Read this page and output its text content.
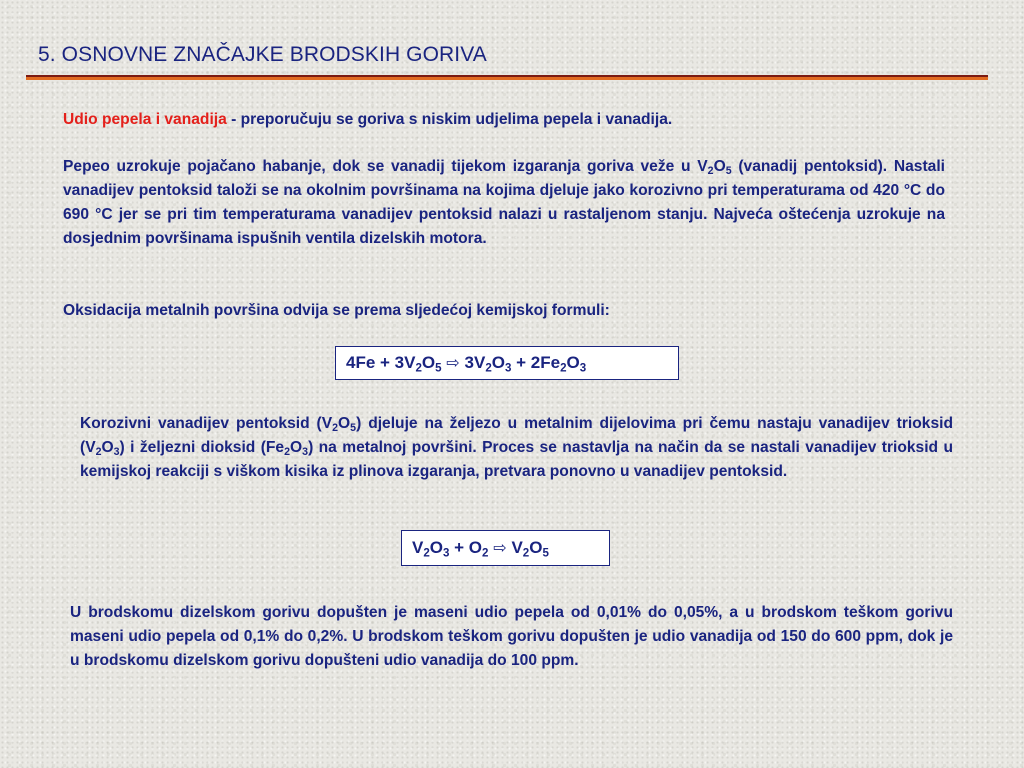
5. OSNOVNE ZNAČAJKE BRODSKIH GORIVA

Udio pepela i vanadija - preporučuju se goriva s niskim udjelima pepela i vanadija.

Pepeo uzrokuje pojačano habanje, dok se vanadij tijekom izgaranja goriva veže u $V_2O_5$ (vanadij pentoksid). Nastali vanadijev pentoksid taloži se na okolnim površinama na kojima djeluje jako korozivno pri temperaturama od 420 °C do 690 °C jer se pri tim temperaturama vanadijev pentoksid nalazi u rastaljenom stanju. Najveća oštećenja uzrokuje na dosjednim površinama ispušnih ventila dizelskih motora.

Oksidacija metalnih površina odvija se prema sljedećoj kemijskoj formuli:

$4Fe + 3V_2O_5$ ⇨ $3V_2O_3 + 2Fe_2O_3$

Korozivni vanadijev pentoksid $(V_2O_5)$ djeluje na željezo u metalnim dijelovima pri čemu nastaju vanadijev trioksid $(V_2O_3)$ i željezni dioksid $(Fe_2O_3)$ na metalnoj površini. Proces se nastavlja na način da se nastali vanadijev trioksid u kemijskoj reakciji s viškom kisika iz plinova izgaranja, pretvara ponovno u vanadijev pentoksid.

$V_2O_3 + O_2$ ⇨ $V_2O_5$

U brodskomu dizelskom gorivu dopušten je maseni udio pepela od 0,01% do 0,05%, a u brodskom teškom gorivu maseni udio pepela od 0,1% do 0,2%. U brodskom teškom gorivu dopušten je udio vanadija od 150 do 600 ppm, dok je u brodskomu dizelskom gorivu dopušteni udio vanadija do 100 ppm.
